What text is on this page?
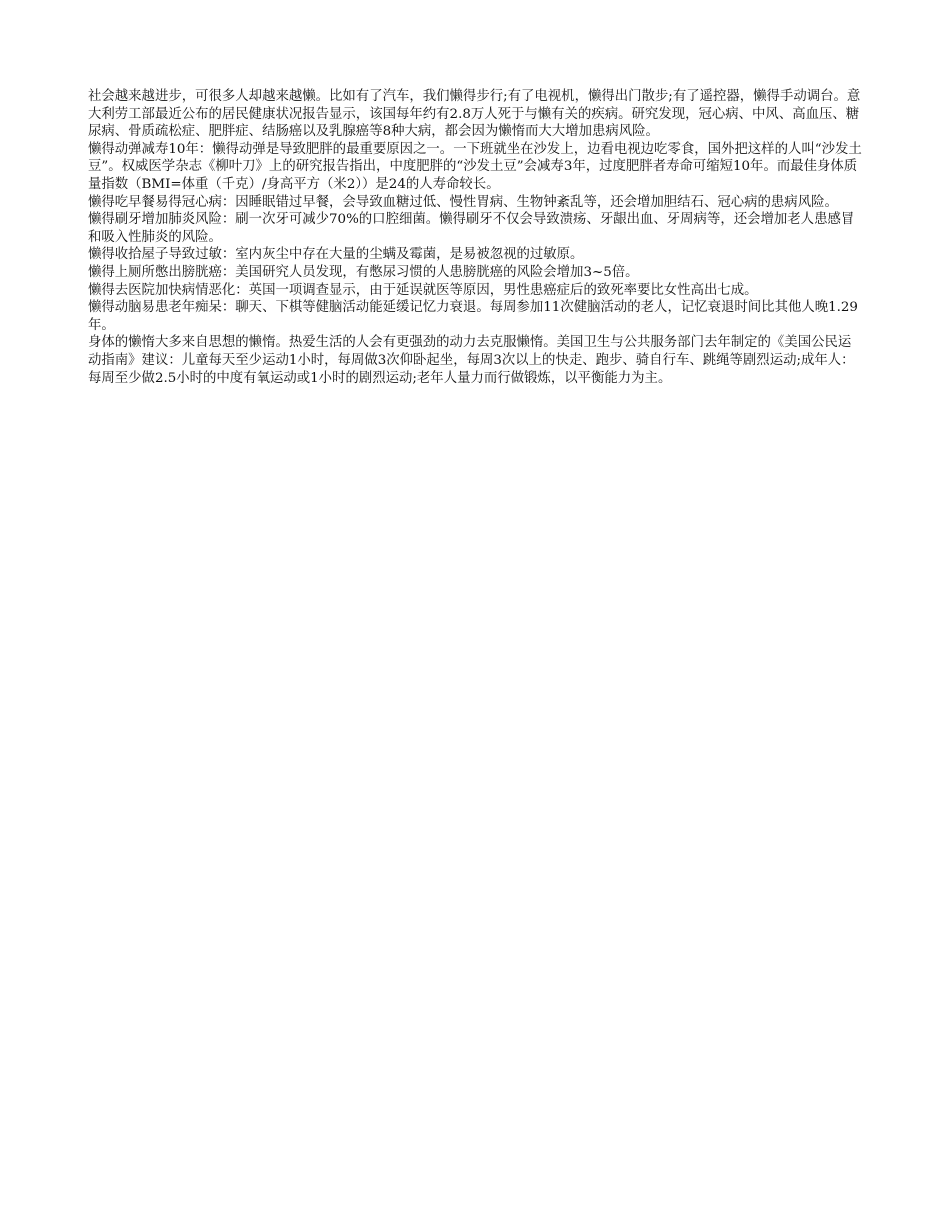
社会越来越进步，可很多人却越来越懒。比如有了汽车，我们懒得步行;有了电视机，懒得出门散步;有了遥控器，懒得手动调台。意大利劳工部最近公布的居民健康状况报告显示，该国每年约有2.8万人死于与懒有关的疾病。研究发现，冠心病、中风、高血压、糖尿病、骨质疏松症、肥胖症、结肠癌以及乳腺癌等8种大病，都会因为懒惰而大大增加患病风险。

懒得动弹减寿10年：懒得动弹是导致肥胖的最重要原因之一。一下班就坐在沙发上，边看电视边吃零食，国外把这样的人叫“沙发土豆”。权威医学杂志《柳叶刀》上的研究报告指出，中度肥胖的“沙发土豆”会减寿3年，过度肥胖者寿命可缩短10年。而最佳身体质量指数（BMI=体重（千克）/身高平方（米2））是24的人寿命较长。

懒得吃早餐易得冠心病：因睡眠错过早餐，会导致血糖过低、慢性胃病、生物钟紊乱等，还会增加胆结石、冠心病的患病风险。

懒得刷牙增加肺炎风险：刷一次牙可减少70%的口腔细菌。懒得刷牙不仅会导致溃疡、牙龈出血、牙周病等，还会增加老人患感冒和吸入性肺炎的风险。

懒得收拾屋子导致过敏：室内灰尘中存在大量的尘螨及霉菌，是易被忽视的过敏原。

懒得上厕所憋出膀胱癌：美国研究人员发现，有憋尿习惯的人患膀胱癌的风险会增加3~5倍。

懒得去医院加快病情恶化：英国一项调查显示，由于延误就医等原因，男性患癌症后的致死率要比女性高出七成。

懒得动脑易患老年痴呆：聊天、下棋等健脑活动能延缓记忆力衰退。每周参加11次健脑活动的老人，记忆衰退时间比其他人晚1.29年。

身体的懒惰大多来自思想的懒惰。热爱生活的人会有更强劲的动力去克服懒惰。美国卫生与公共服务部门去年制定的《美国公民运动指南》建议：儿童每天至少运动1小时，每周做3次仰卧起坐，每周3次以上的快走、跑步、骑自行车、跳绳等剧烈运动;成年人：每周至少做2.5小时的中度有氧运动或1小时的剧烈运动;老年人量力而行做锻炼，以平衡能力为主。
